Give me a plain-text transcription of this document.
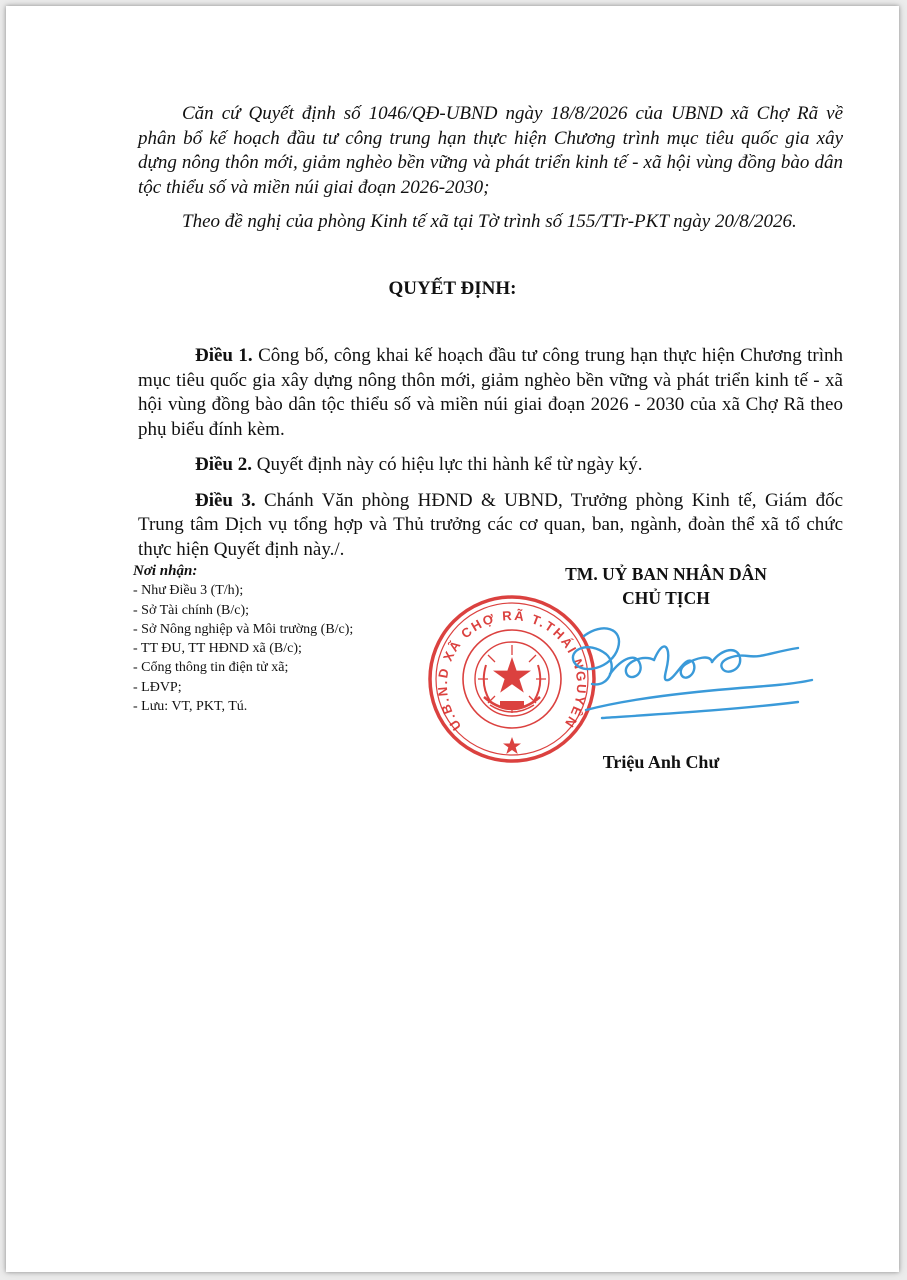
Căn cứ Quyết định số 1046/QĐ-UBND ngày 18/8/2026 của UBND xã Chợ Rã về phân bổ kế hoạch đầu tư công trung hạn thực hiện Chương trình mục tiêu quốc gia xây dựng nông thôn mới, giảm nghèo bền vững và phát triển kinh tế - xã hội vùng đồng bào dân tộc thiểu số và miền núi giai đoạn 2026-2030;

Theo đề nghị của phòng Kinh tế xã tại Tờ trình số 155/TTr-PKT ngày 20/8/2026.

QUYẾT ĐỊNH:

Điều 1. Công bố, công khai kế hoạch đầu tư công trung hạn thực hiện Chương trình mục tiêu quốc gia xây dựng nông thôn mới, giảm nghèo bền vững và phát triển kinh tế - xã hội vùng đồng bào dân tộc thiểu số và miền núi giai đoạn 2026 - 2030 của xã Chợ Rã theo phụ biểu đính kèm.

Điều 2. Quyết định này có hiệu lực thi hành kể từ ngày ký.

Điều 3. Chánh Văn phòng HĐND & UBND, Trưởng phòng Kinh tế, Giám đốc Trung tâm Dịch vụ tổng hợp và Thủ trưởng các cơ quan, ban, ngành, đoàn thể xã tổ chức thực hiện Quyết định này./.

Nơi nhận:
- Như Điều 3 (T/h);
- Sở Tài chính (B/c);
- Sở Nông nghiệp và Môi trường (B/c);
- TT ĐU, TT HĐND xã (B/c);
- Cổng thông tin điện tử xã;
- LĐVP;
- Lưu: VT, PKT, Tú.
TM. UỶ BAN NHÂN DÂN
CHỦ TỊCH
U.B.N.D XÃ CHỢ RÃ T.THÁI NGUYÊN
Triệu Anh Chư
